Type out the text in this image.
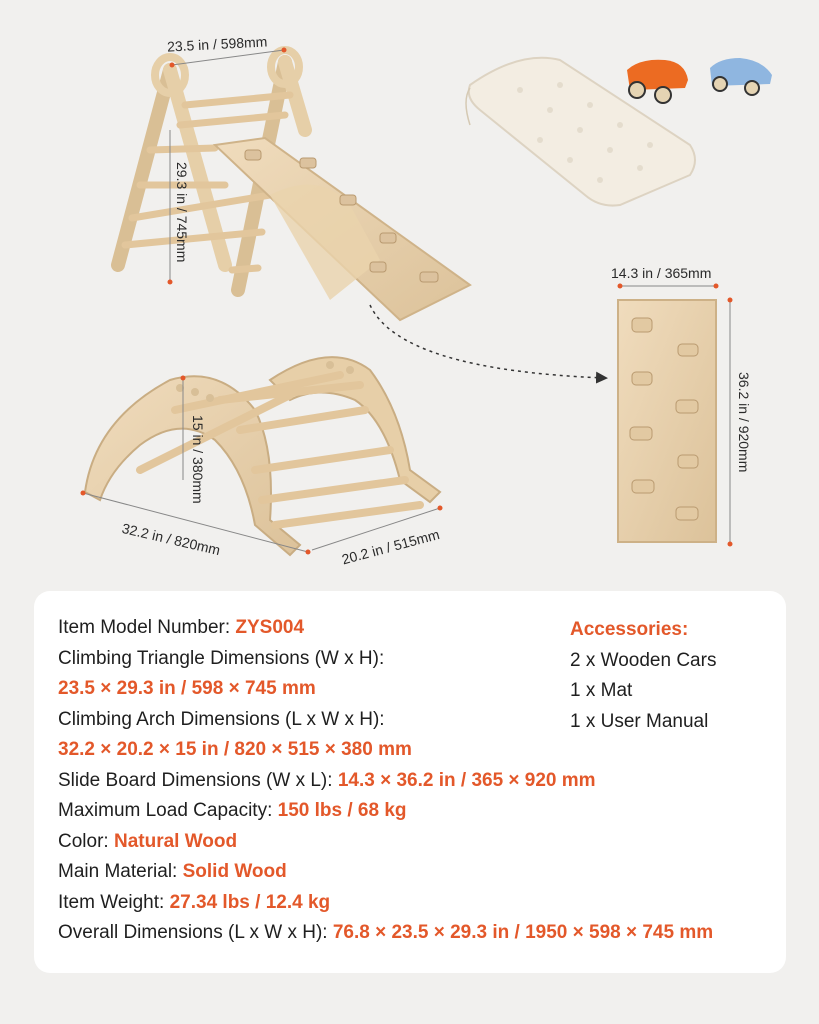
23.5 in / 598mm
29.3 in / 745mm
14.3 in / 365mm
36.2 in / 920mm
15 in / 380mm
32.2 in / 820mm	20.2 in / 515mm
Item Model Number: ZYS004
Climbing Triangle Dimensions (W x H):
23.5 × 29.3 in / 598 × 745 mm
Climbing Arch Dimensions (L x W x H):
32.2 × 20.2 × 15 in / 820 × 515 × 380 mm
Slide Board Dimensions (W x L): 14.3 × 36.2 in / 365 × 920 mm
Maximum Load Capacity: 150 lbs / 68 kg
Color: Natural Wood
Main Material: Solid Wood
Item Weight: 27.34 lbs / 12.4 kg
Overall Dimensions (L x W x H): 76.8 × 23.5 × 29.3 in / 1950 × 598 × 745 mm
Accessories:
2 x Wooden Cars
1 x Mat
1 x User Manual
